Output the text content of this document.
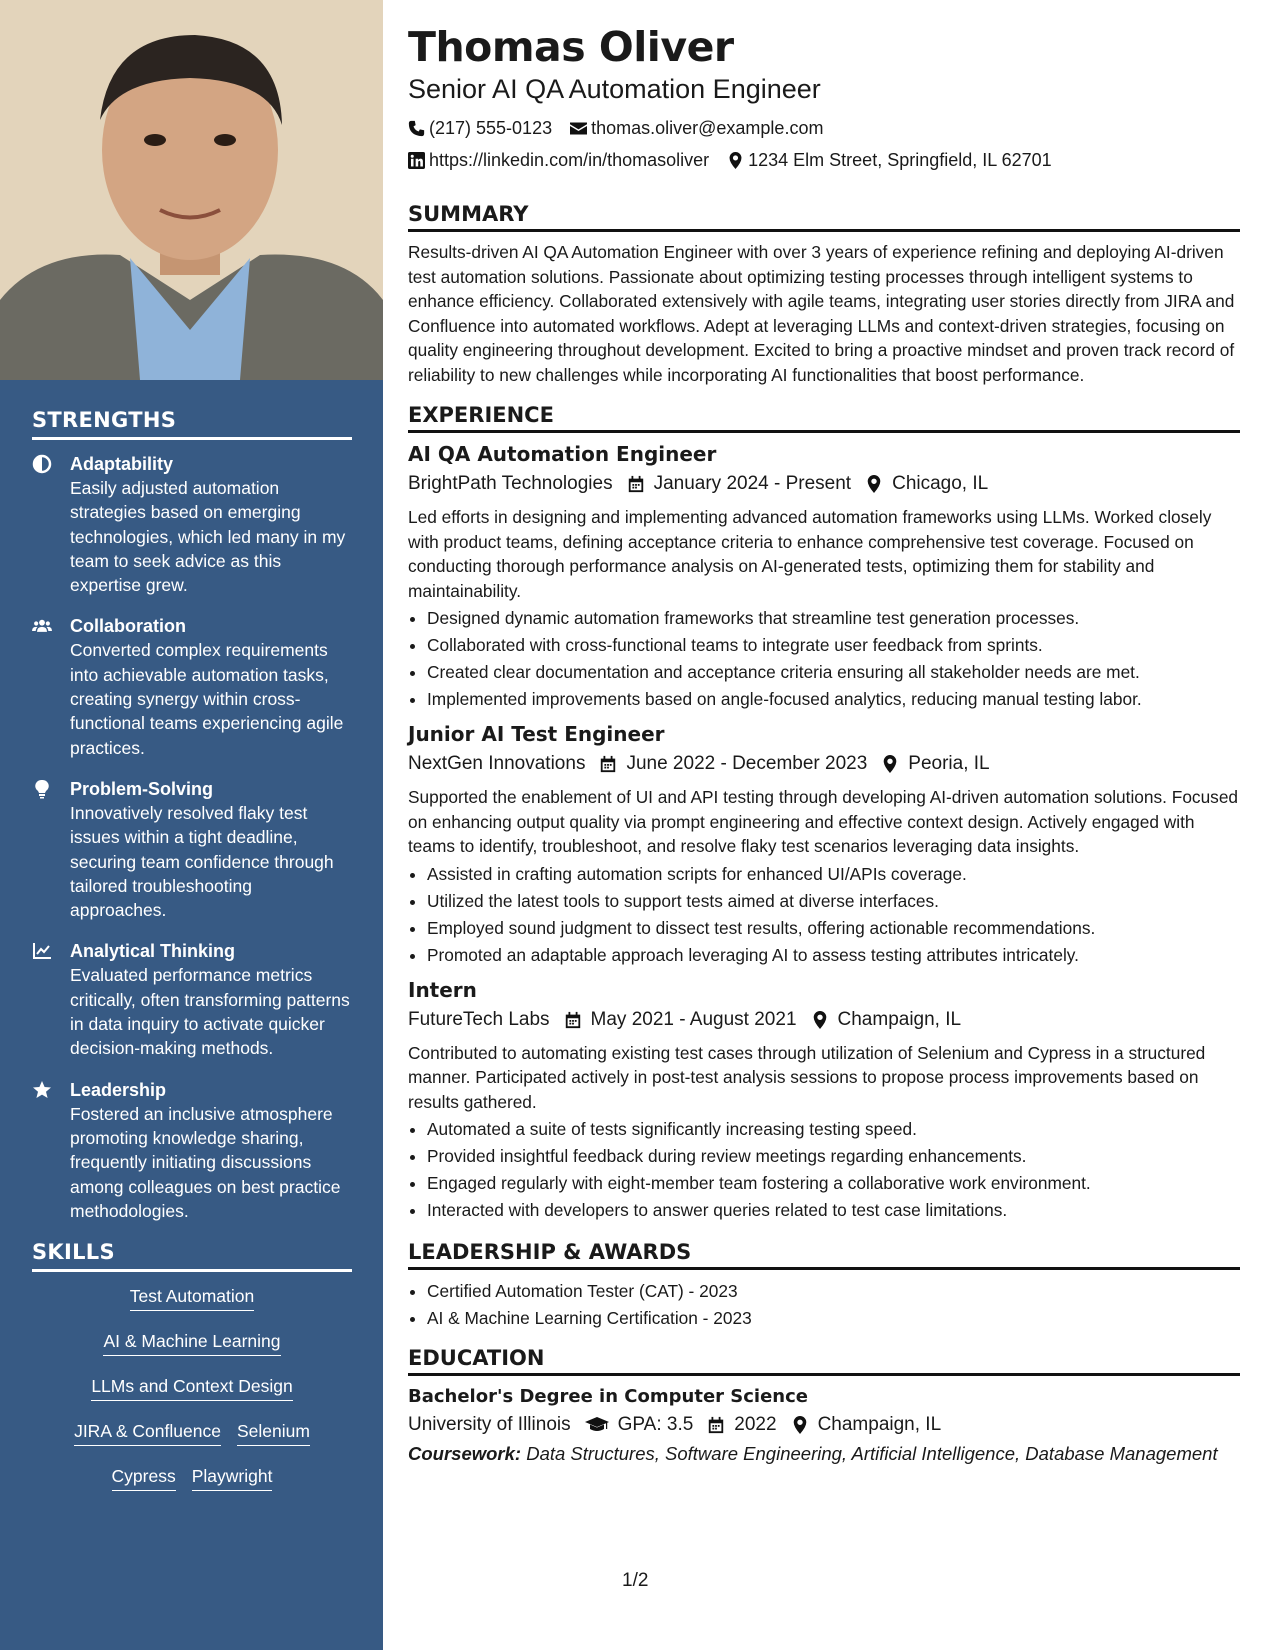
STRENGTHS
Adaptability
Easily adjusted automation strategies based on emerging technologies, which led many in my team to seek advice as this expertise grew.
Collaboration
Converted complex requirements into achievable automation tasks, creating synergy within cross-functional teams experiencing agile practices.
Problem-Solving
Innovatively resolved flaky test issues within a tight deadline, securing team confidence through tailored troubleshooting approaches.
Analytical Thinking
Evaluated performance metrics critically, often transforming patterns in data inquiry to activate quicker decision-making methods.
Leadership
Fostered an inclusive atmosphere promoting knowledge sharing, frequently initiating discussions among colleagues on best practice methodologies.
SKILLS
Test Automation
AI & Machine Learning
LLMs and Context Design
JIRA & Confluence Selenium
Cypress Playwright
Thomas Oliver
Senior AI QA Automation Engineer
(217) 555-0123 thomas.oliver@example.com
https://linkedin.com/in/thomasoliver 1234 Elm Street, Springfield, IL 62701
SUMMARY

Results-driven AI QA Automation Engineer with over 3 years of experience refining and deploying AI-driven test automation solutions. Passionate about optimizing testing processes through intelligent systems to enhance efficiency. Collaborated extensively with agile teams, integrating user stories directly from JIRA and Confluence into automated workflows. Adept at leveraging LLMs and context-driven strategies, focusing on quality engineering throughout development. Excited to bring a proactive mindset and proven track record of reliability to new challenges while incorporating AI functionalities that boost performance.

EXPERIENCE
AI QA Automation Engineer
BrightPath Technologies January 2024 - Present Chicago, IL

Led efforts in designing and implementing advanced automation frameworks using LLMs. Worked closely with product teams, defining acceptance criteria to enhance comprehensive test coverage. Focused on conducting thorough performance analysis on AI-generated tests, optimizing them for stability and maintainability.

• Designed dynamic automation frameworks that streamline test generation processes.
• Collaborated with cross-functional teams to integrate user feedback from sprints.
• Created clear documentation and acceptance criteria ensuring all stakeholder needs are met.
• Implemented improvements based on angle-focused analytics, reducing manual testing labor.
Junior AI Test Engineer
NextGen Innovations June 2022 - December 2023 Peoria, IL

Supported the enablement of UI and API testing through developing AI-driven automation solutions. Focused on enhancing output quality via prompt engineering and effective context design. Actively engaged with teams to identify, troubleshoot, and resolve flaky test scenarios leveraging data insights.

• Assisted in crafting automation scripts for enhanced UI/APIs coverage.
• Utilized the latest tools to support tests aimed at diverse interfaces.
• Employed sound judgment to dissect test results, offering actionable recommendations.
• Promoted an adaptable approach leveraging AI to assess testing attributes intricately.
Intern
FutureTech Labs May 2021 - August 2021 Champaign, IL

Contributed to automating existing test cases through utilization of Selenium and Cypress in a structured manner. Participated actively in post-test analysis sessions to propose process improvements based on results gathered.

• Automated a suite of tests significantly increasing testing speed.
• Provided insightful feedback during review meetings regarding enhancements.
• Engaged regularly with eight-member team fostering a collaborative work environment.
• Interacted with developers to answer queries related to test case limitations.
LEADERSHIP & AWARDS
• Certified Automation Tester (CAT) - 2023
• AI & Machine Learning Certification - 2023
EDUCATION
Bachelor's Degree in Computer Science
University of Illinois GPA: 3.5 2022 Champaign, IL
Coursework: Data Structures, Software Engineering, Artificial Intelligence, Database Management
1/2
